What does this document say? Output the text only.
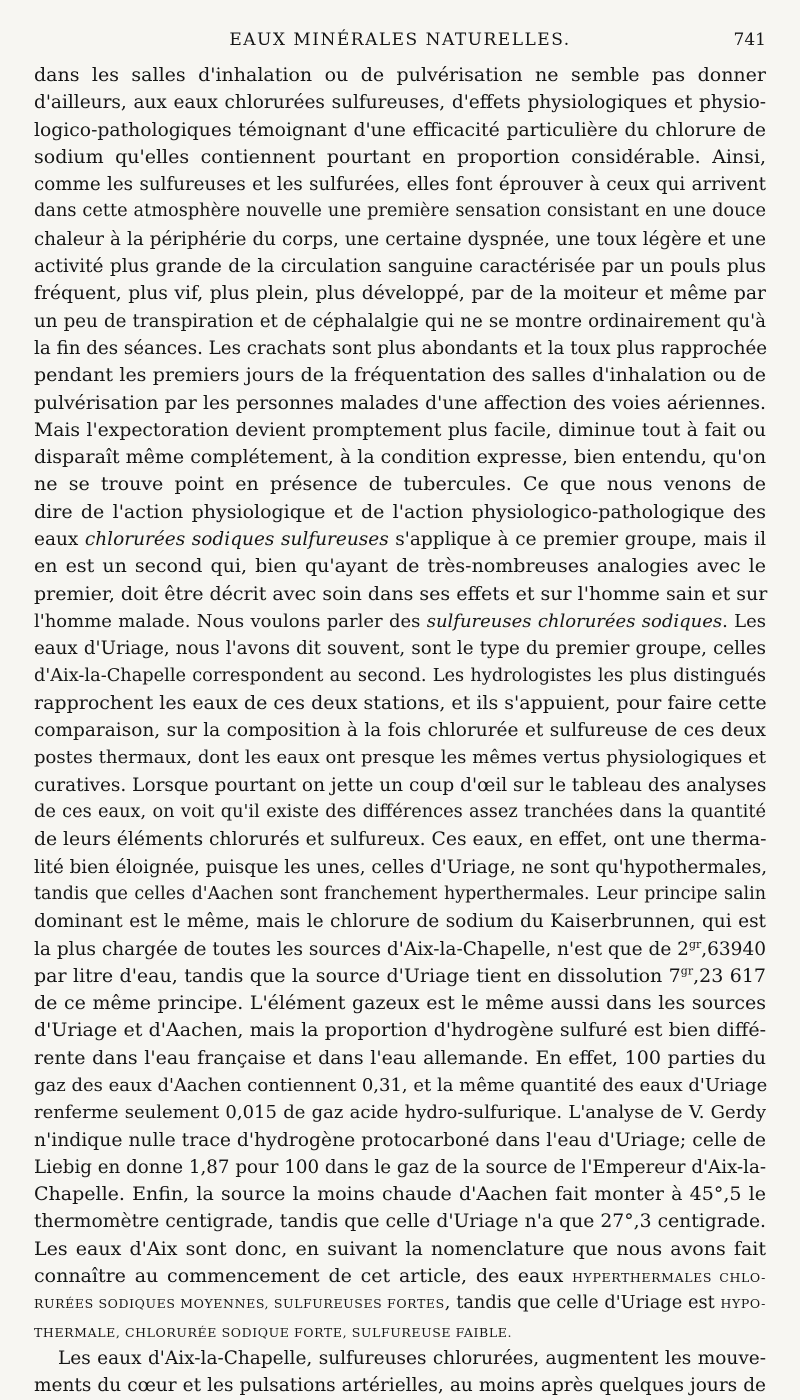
EAUX MINÉRALES NATURELLES.	741
dans les salles d'inhalation ou de pulvérisation ne semble pas donner
d'ailleurs, aux eaux chlorurées sulfureuses, d'effets physiologiques et physio-
logico-pathologiques témoignant d'une efficacité particulière du chlorure de
sodium qu'elles contiennent pourtant en proportion considérable. Ainsi,
comme les sulfureuses et les sulfurées, elles font éprouver à ceux qui arrivent
dans cette atmosphère nouvelle une première sensation consistant en une douce
chaleur à la périphérie du corps, une certaine dyspnée, une toux légère et une
activité plus grande de la circulation sanguine caractérisée par un pouls plus
fréquent, plus vif, plus plein, plus développé, par de la moiteur et même par
un peu de transpiration et de céphalalgie qui ne se montre ordinairement qu'à
la fin des séances. Les crachats sont plus abondants et la toux plus rapprochée
pendant les premiers jours de la fréquentation des salles d'inhalation ou de
pulvérisation par les personnes malades d'une affection des voies aériennes.
Mais l'expectoration devient promptement plus facile, diminue tout à fait ou
disparaît même complétement, à la condition expresse, bien entendu, qu'on
ne se trouve point en présence de tubercules. Ce que nous venons de
dire de l'action physiologique et de l'action physiologico-pathologique des
eaux chlorurées sodiques sulfureuses s'applique à ce premier groupe, mais il
en est un second qui, bien qu'ayant de très-nombreuses analogies avec le
premier, doit être décrit avec soin dans ses effets et sur l'homme sain et sur
l'homme malade. Nous voulons parler des sulfureuses chlorurées sodiques. Les
eaux d'Uriage, nous l'avons dit souvent, sont le type du premier groupe, celles
d'Aix-la-Chapelle correspondent au second. Les hydrologistes les plus distingués
rapprochent les eaux de ces deux stations, et ils s'appuient, pour faire cette
comparaison, sur la composition à la fois chlorurée et sulfureuse de ces deux
postes thermaux, dont les eaux ont presque les mêmes vertus physiologiques et
curatives. Lorsque pourtant on jette un coup d'œil sur le tableau des analyses
de ces eaux, on voit qu'il existe des différences assez tranchées dans la quantité
de leurs éléments chlorurés et sulfureux. Ces eaux, en effet, ont une therma-
lité bien éloignée, puisque les unes, celles d'Uriage, ne sont qu'hypothermales,
tandis que celles d'Aachen sont franchement hyperthermales. Leur principe salin
dominant est le même, mais le chlorure de sodium du Kaiserbrunnen, qui est
la plus chargée de toutes les sources d'Aix-la-Chapelle, n'est que de $2^{gr},63940$
par litre d'eau, tandis que la source d'Uriage tient en dissolution $7^{gr},23$ 617
de ce même principe. L'élément gazeux est le même aussi dans les sources
d'Uriage et d'Aachen, mais la proportion d'hydrogène sulfuré est bien diffé-
rente dans l'eau française et dans l'eau allemande. En effet, 100 parties du
gaz des eaux d'Aachen contiennent 0,31, et la même quantité des eaux d'Uriage
renferme seulement 0,015 de gaz acide hydro-sulfurique. L'analyse de V. Gerdy
n'indique nulle trace d'hydrogène protocarboné dans l'eau d'Uriage; celle de
Liebig en donne 1,87 pour 100 dans le gaz de la source de l'Empereur d'Aix-la-
Chapelle. Enfin, la source la moins chaude d'Aachen fait monter à 45°,5 le
thermomètre centigrade, tandis que celle d'Uriage n'a que 27°,3 centigrade.
Les eaux d'Aix sont donc, en suivant la nomenclature que nous avons fait
connaître au commencement de cet article, des eaux HYPERTHERMALES CHLO-
RURÉES SODIQUES MOYENNES, SULFUREUSES FORTES, tandis que celle d'Uriage est HYPO-
THERMALE, CHLORURÉE SODIQUE FORTE, SULFUREUSE FAIBLE.
Les eaux d'Aix-la-Chapelle, sulfureuses chlorurées, augmentent les mouve-
ments du cœur et les pulsations artérielles, au moins après quelques jours de
